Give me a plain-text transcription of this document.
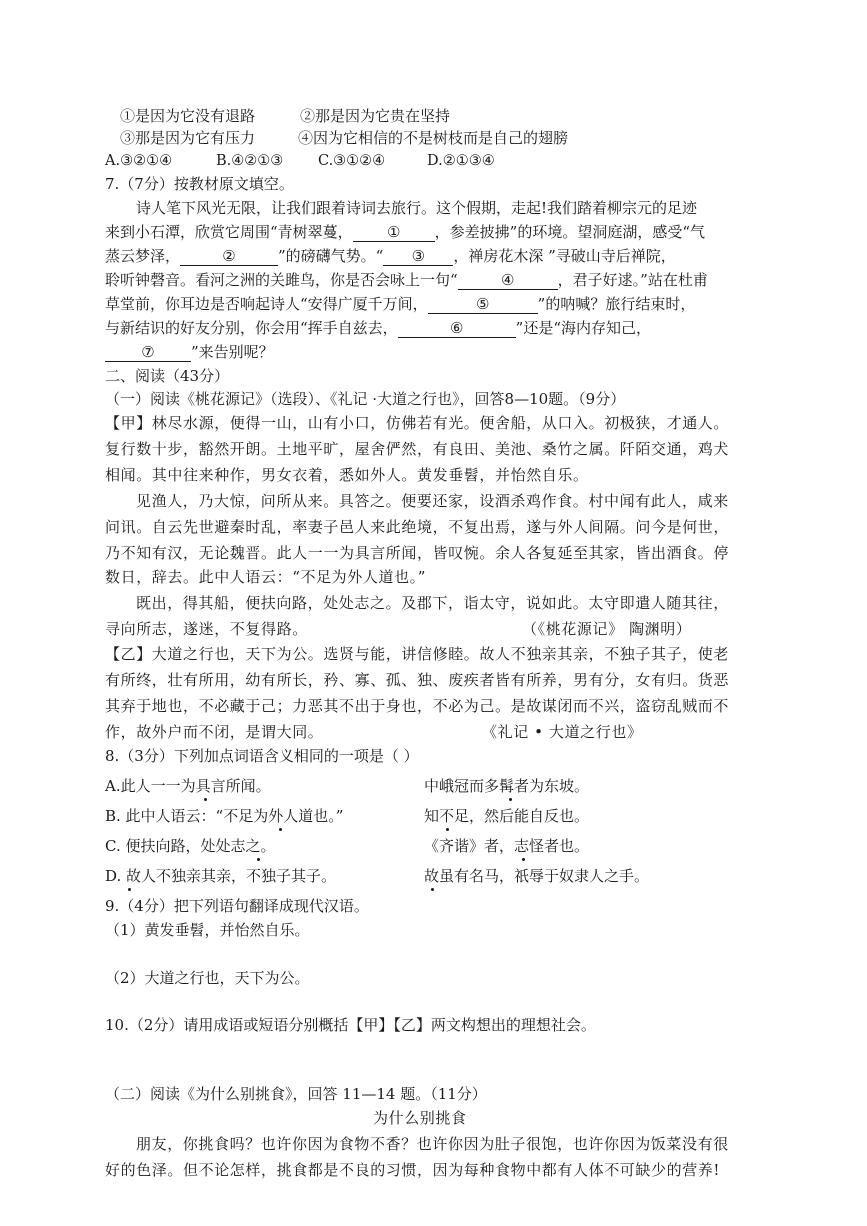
①是因为它没有退路	②那是因为它贵在坚持
③那是因为它有压力	④因为它相信的不是树枝而是自己的翅膀
A.③②①④	B.④②①③ C.③①②④	D.②①③④
7.（7分）按教材原文填空。
诗人笔下风光无限，让我们跟着诗词去旅行。这个假期，走起!我们踏着柳宗元的足迹
来到小石潭，欣赏它周围“青树翠蔓， ① ，参差披拂”的环境。望洞庭湖，感受“气
蒸云梦泽，	②	”的磅礴气势。“ ③ ，禅房花木深 ”寻破山寺后禅院，
聆听钟磬音。看河之洲的关雎鸟，你是否会咏上一句“	④	，君子好逑。”站在杜甫
草堂前，你耳边是否响起诗人“安得广厦千万间，	⑤	”的呐喊？旅行结束时，
与新结识的好友分别，你会用“挥手自兹去，	⑥	”还是“海内存知己，
⑦ ”来告别呢？
二、阅读（43分）
（一）阅读《桃花源记》（选段）、《礼记 ·大道之行也》，回答8—10题。（9分）
【甲】林尽水源，便得一山，山有小口，仿佛若有光。便舍船，从口入。初极狭，才通人。
复行数十步，豁然开朗。土地平旷，屋舍俨然，有良田、美池、桑竹之属。阡陌交通，鸡犬
相闻。其中往来种作，男女衣着，悉如外人。黄发垂髫，并怡然自乐。
见渔人，乃大惊，问所从来。具答之。便要还家，设酒杀鸡作食。村中闻有此人，咸来
问讯。自云先世避秦时乱，率妻子邑人来此绝境，不复出焉，遂与外人间隔。问今是何世，
乃不知有汉，无论魏晋。此人一一为具言所闻，皆叹惋。余人各复延至其家，皆出酒食。停
数日，辞去。此中人语云：“不足为外人道也。”
既出，得其船，便扶向路，处处志之。及郡下，诣太守，说如此。太守即遣人随其往，
寻向所志，遂迷，不复得路。	（《桃花源记》 陶渊明）
【乙】大道之行也，天下为公。选贤与能，讲信修睦。故人不独亲其亲，不独子其子，使老
有所终，壮有所用，幼有所长，矜、寡、孤、独、废疾者皆有所养，男有分，女有归。货恶
其弃于地也，不必藏于己；力恶其不出于身也，不必为己。是故谋闭而不兴，盗窃乱贼而不
作，故外户而不闭，是谓大同。	《礼记 • 大道之行也》
8.（3分）下列加点词语含义相同的一项是（ ）
A.此人一一为具言所闻。	中峨冠而多髯者为东坡。
B. 此中人语云：“不足为外人道也。”	知不足，然后能自反也。
C. 便扶向路，处处志之。	《齐谐》者，志怪者也。
D. 故人不独亲其亲，不独子其子。	故虽有名马，祇辱于奴隶人之手。
9.（4分）把下列语句翻译成现代汉语。
（1）黄发垂髫，并怡然自乐。
（2）大道之行也，天下为公。
10.（2分）请用成语或短语分别概括【甲】【乙】两文构想出的理想社会。
（二）阅读《为什么别挑食》，回答 11—14 题。（11分）
为什么别挑食
朋友，你挑食吗？也许你因为食物不香？也许你因为肚子很饱，也许你因为饭菜没有很
好的色泽。但不论怎样，挑食都是不良的习惯，因为每种食物中都有人体不可缺少的营养!
